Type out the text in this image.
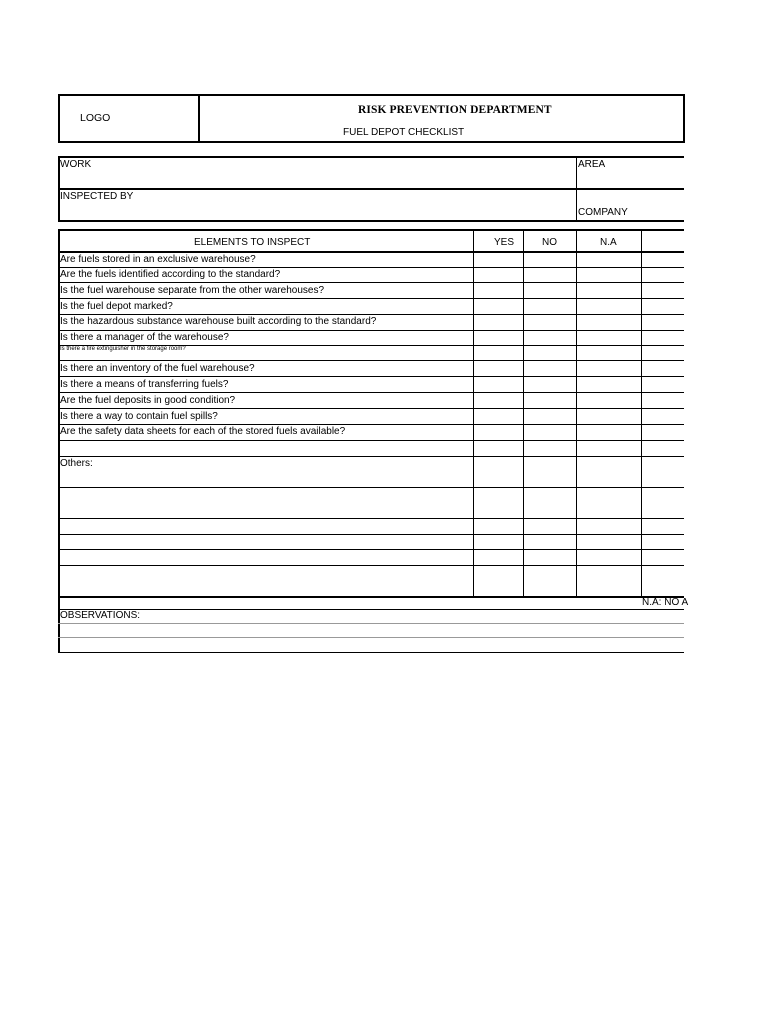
LOGO
RISK PREVENTION DEPARTMENT
FUEL DEPOT CHECKLIST
WORK	AREA
INSPECTED BY
COMPANY
ELEMENTS TO INSPECT	YES	NO	N.A
Are fuels stored in an exclusive warehouse?
Are the fuels identified according to the standard?
Is the fuel warehouse separate from the other warehouses?
Is the fuel depot marked?
Is the hazardous substance warehouse built according to the standard?
Is there a manager of the warehouse?
Is there a fire extinguisher in the storage room?
Is there an inventory of the fuel warehouse?
Is there a means of transferring fuels?
Are the fuel deposits in good condition?
Is there a way to contain fuel spills?
Are the safety data sheets for each of the stored fuels available?
Others:
N.A: NO A
OBSERVATIONS:
